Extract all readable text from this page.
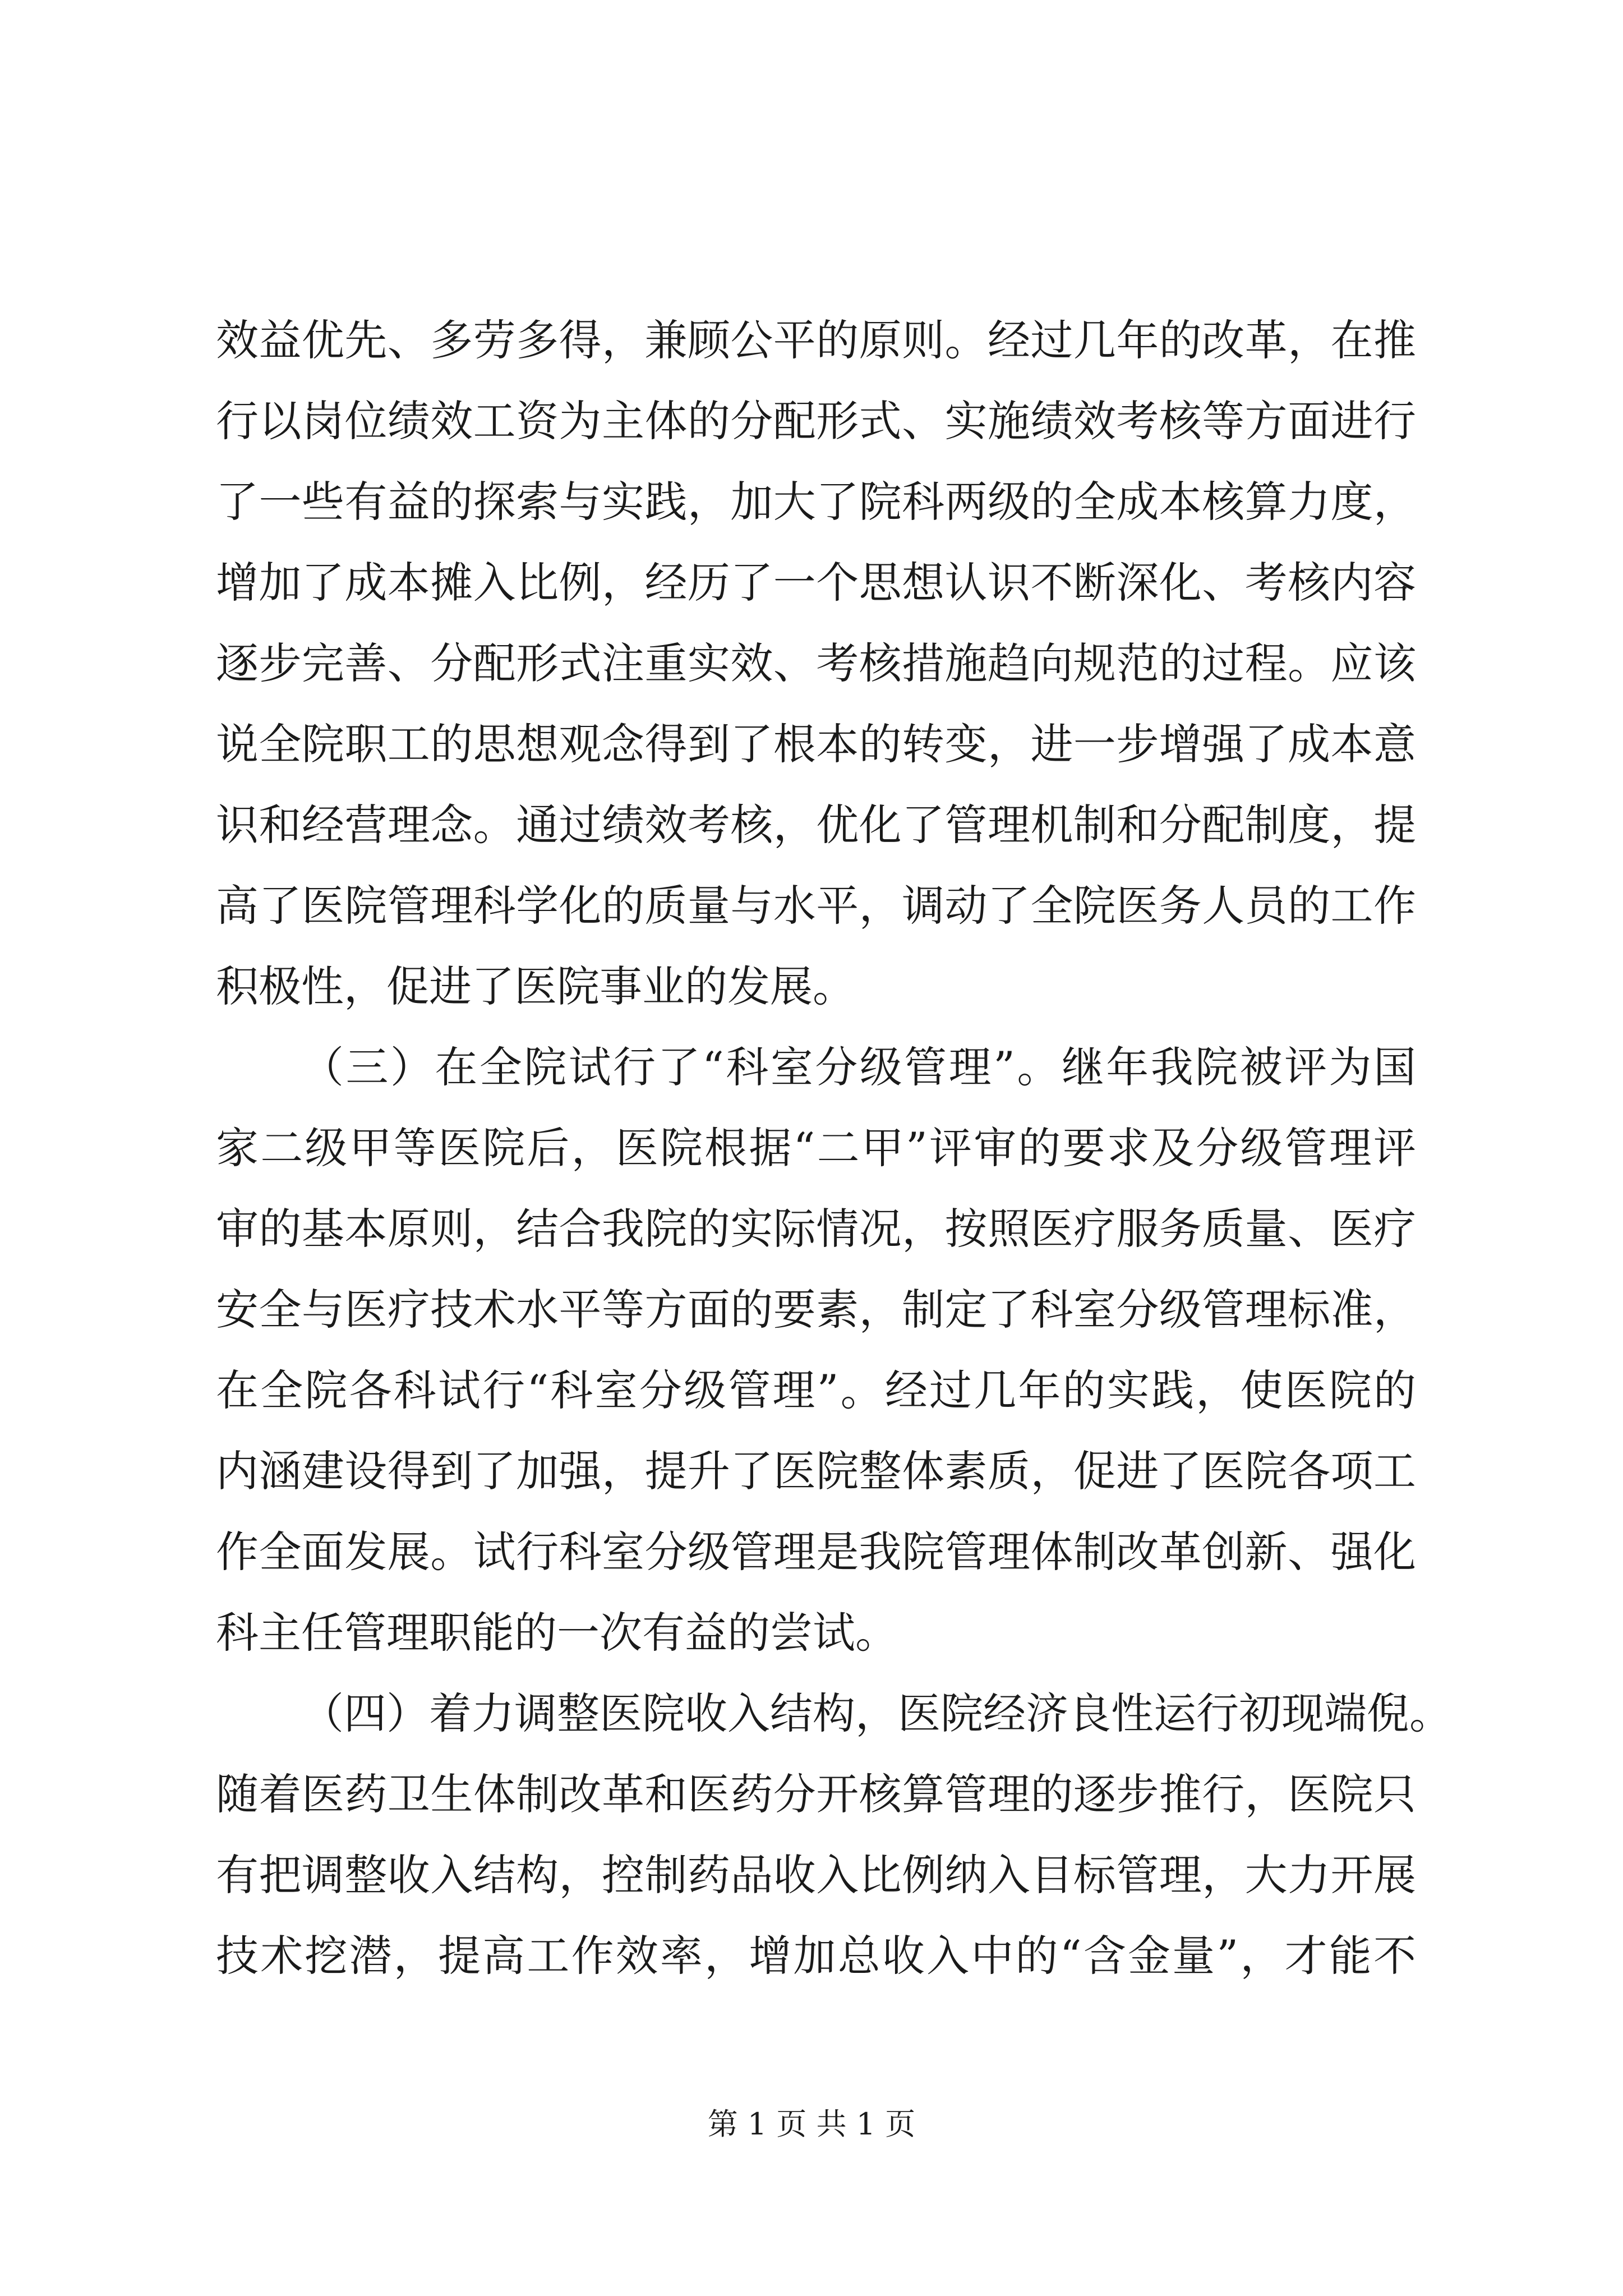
效益优先、多劳多得，兼顾公平的原则。经过几年的改革，在推
行以岗位绩效工资为主体的分配形式、实施绩效考核等方面进行
了一些有益的探索与实践，加大了院科两级的全成本核算力度，
增加了成本摊入比例，经历了一个思想认识不断深化、考核内容
逐步完善、分配形式注重实效、考核措施趋向规范的过程。应该
说全院职工的思想观念得到了根本的转变，进一步增强了成本意
识和经营理念。通过绩效考核，优化了管理机制和分配制度，提
高了医院管理科学化的质量与水平，调动了全院医务人员的工作
积极性，促进了医院事业的发展。
（三）在全院试行了“科室分级管理”。继年我院被评为国
家二级甲等医院后，医院根据“二甲”评审的要求及分级管理评
审的基本原则，结合我院的实际情况，按照医疗服务质量、医疗
安全与医疗技术水平等方面的要素，制定了科室分级管理标准，
在全院各科试行“科室分级管理”。经过几年的实践，使医院的
内涵建设得到了加强，提升了医院整体素质，促进了医院各项工
作全面发展。试行科室分级管理是我院管理体制改革创新、强化
科主任管理职能的一次有益的尝试。
（四）着力调整医院收入结构，医院经济良性运行初现端倪。
随着医药卫生体制改革和医药分开核算管理的逐步推行，医院只
有把调整收入结构，控制药品收入比例纳入目标管理，大力开展
技术挖潜，提高工作效率，增加总收入中的“含金量”，才能不
第 1 页 共 1 页
